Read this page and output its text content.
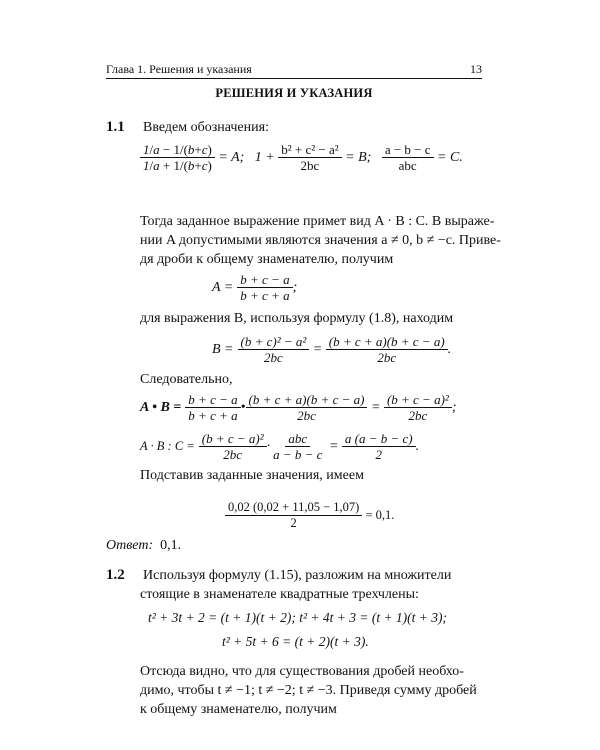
Глава 1. Решения и указания	13
РЕШЕНИЯ И УКАЗАНИЯ
1.1 Введем обозначения:
$\frac{1/a - 1/(b+c)}{1/a + 1/(b+c)} = A$;   $1 + \frac{\text{b² + c² − a²}}{2bc} = B$; $\frac{a - b - c}{\text{abc}} = C$.
Тогда заданное выражение примет вид A · B : C. В выраже-
нии A допустимыми являются значения a ≠ 0, b ≠ −c. Приве-
дя дроби к общему знаменателю, получим
A =
$\frac{b + c - a}{b + c + a}$ ;
для выражения B, используя формулу (1.8), находим
B =
$\frac{\text{(b + c)² − a²}}{2bc}$
=
$\frac{(b + c + a)(b + c - a)}{2bc}$ .
Следовательно,
A • B =
$\frac{b + c - a}{b + c + a}$ • $\frac{(b + c + a)(b + c - a)}{2bc}$
=
$\frac{\text{(b + c − a)²}}{2bc}$ ;
A · B : C =
$\frac{\text{(b + c − a)²}}{2bc} \cdot \frac{\text{abc}}{a - b - c}$
=
$\frac{a (a - b - c)}{2}$ .
Подставив заданные значения, имеем
$\frac{0,02 (0,02 + 11,05 - 1,07)}{2}$
= 0,1.
Ответ: 0,1.
1.2 Используя формулу (1.15), разложим на множители
стоящие в знаменателе квадратные трехчлены:
t² + 3t + 2 = (t + 1)(t + 2); t² + 4t + 3 = (t + 1)(t + 3);
t² + 5t + 6 = (t + 2)(t + 3).
Отсюда видно, что для существования дробей необхо-
димо, чтобы t ≠ −1; t ≠ −2; t ≠ −3. Приведя сумму дробей
к общему знаменателю, получим
